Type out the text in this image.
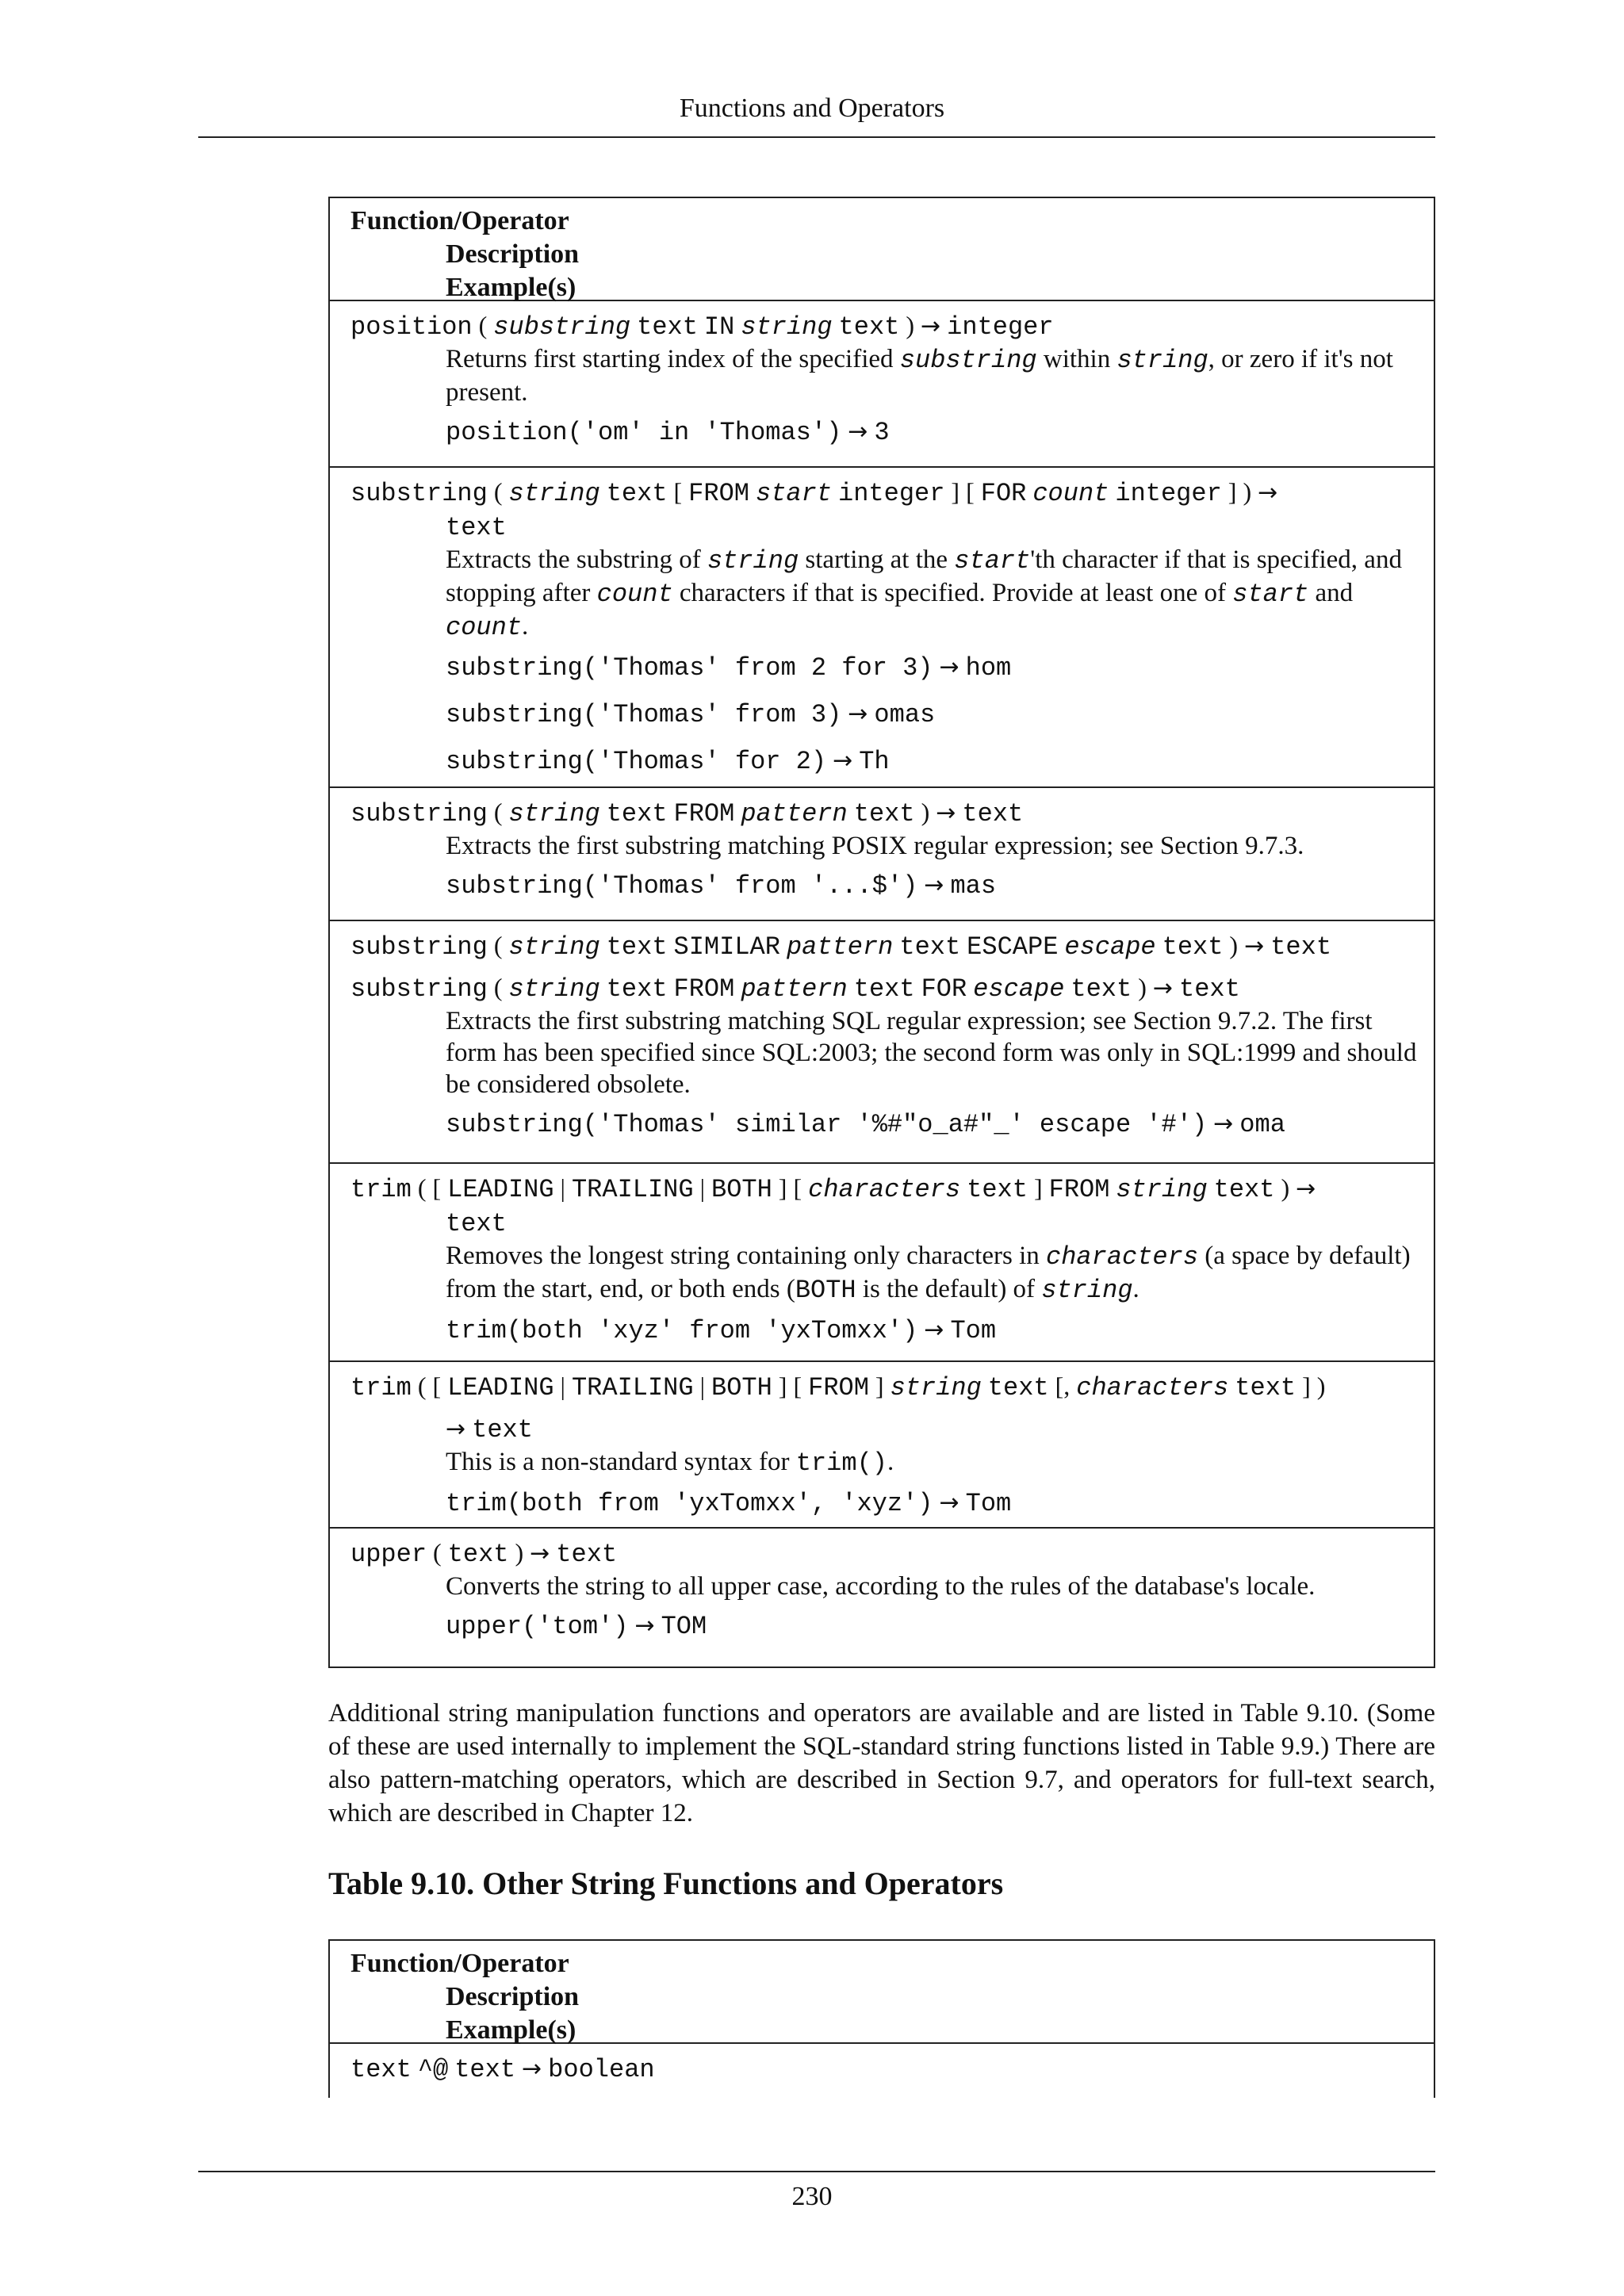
Functions and Operators
Function/Operator
Description
Example(s)
position ( substring text IN string text ) → integer
Returns first starting index of the specified substring within string, or zero if it's not present.
position('om' in 'Thomas') → 3
substring ( string text [ FROM start integer ] [ FOR count integer ] ) →
text
Extracts the substring of string starting at the start'th character if that is specified, and stopping after count characters if that is specified. Provide at least one of start and count.
substring('Thomas' from 2 for 3) → hom
substring('Thomas' from 3) → omas
substring('Thomas' for 2) → Th
substring ( string text FROM pattern text ) → text
Extracts the first substring matching POSIX regular expression; see Section 9.7.3.
substring('Thomas' from '...$') → mas
substring ( string text SIMILAR pattern text ESCAPE escape text ) → text
substring ( string text FROM pattern text FOR escape text ) → text
Extracts the first substring matching SQL regular expression; see Section 9.7.2. The first form has been specified since SQL:2003; the second form was only in SQL:1999 and should be considered obsolete.
substring('Thomas' similar '%#"o_a#"_' escape '#') → oma
trim ( [ LEADING | TRAILING | BOTH ] [ characters text ] FROM string text ) →
text
Removes the longest string containing only characters in characters (a space by default) from the start, end, or both ends (BOTH is the default) of string.
trim(both 'xyz' from 'yxTomxx') → Tom
trim ( [ LEADING | TRAILING | BOTH ] [ FROM ] string text [, characters text ] )
→ text
This is a non-standard syntax for trim().
trim(both from 'yxTomxx', 'xyz') → Tom
upper ( text ) → text
Converts the string to all upper case, according to the rules of the database's locale.
upper('tom') → TOM
Additional string manipulation functions and operators are available and are listed in Table 9.10. (Some of these are used internally to implement the SQL-standard string functions listed in Table 9.9.) There are also pattern-matching operators, which are described in Section 9.7, and operators for full-text search, which are described in Chapter 12.
Table 9.10. Other String Functions and Operators
Function/Operator
Description
Example(s)
text ^@ text → boolean
230
